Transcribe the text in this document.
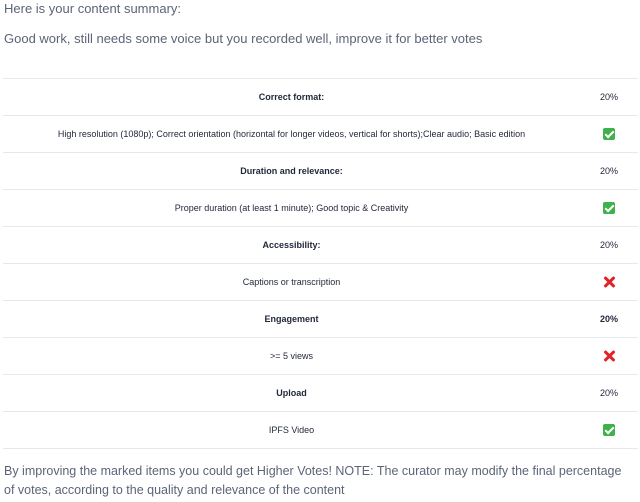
Here is your content summary:
Good work, still needs some voice but you recorded well, improve it for better votes
Correct format:	20%
High resolution (1080p); Correct orientation (horizontal for longer videos, vertical for shorts);Clear audio; Basic edition
Duration and relevance:	20%
Proper duration (at least 1 minute); Good topic & Creativity
Accessibility:	20%
Captions or transcription
Engagement	20%
>= 5 views
Upload	20%
IPFS Video
By improving the marked items you could get Higher Votes! NOTE: The curator may modify the final percentage of votes, according to the quality and relevance of the content
